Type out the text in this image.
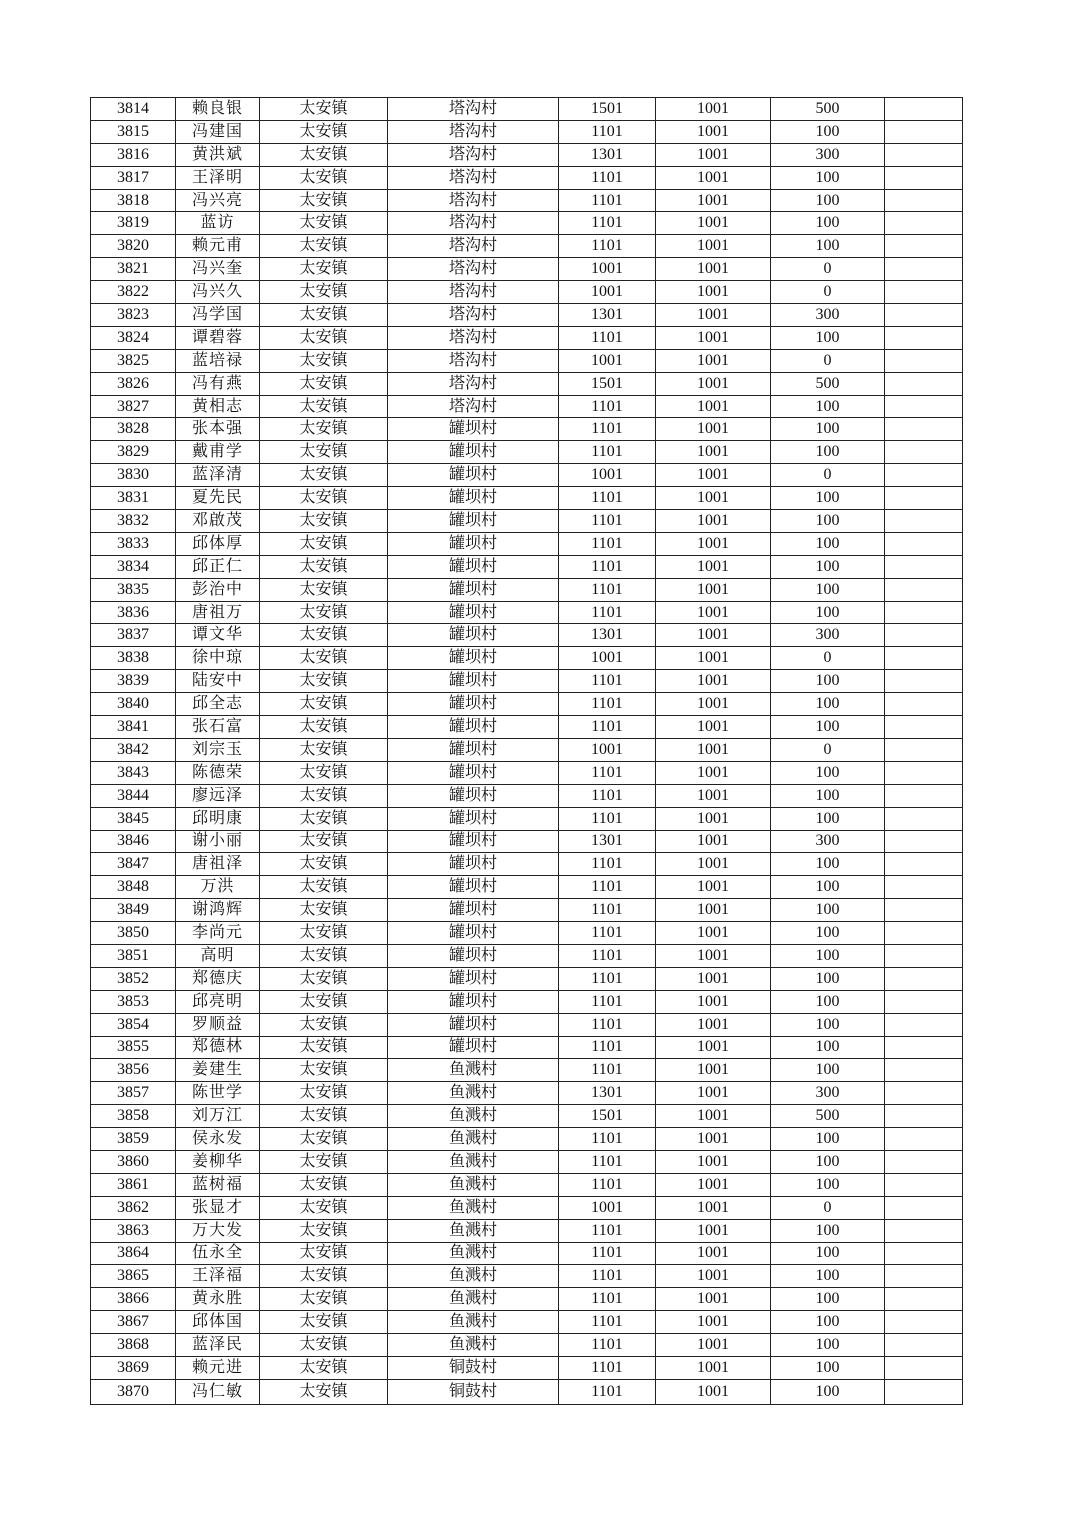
3814	赖良银	太安镇	塔沟村	1501	1001	500	
3815	冯建国	太安镇	塔沟村	1101	1001	100	
3816	黄洪斌	太安镇	塔沟村	1301	1001	300	
3817	王泽明	太安镇	塔沟村	1101	1001	100	
3818	冯兴亮	太安镇	塔沟村	1101	1001	100	
3819	蓝访	太安镇	塔沟村	1101	1001	100	
3820	赖元甫	太安镇	塔沟村	1101	1001	100	
3821	冯兴奎	太安镇	塔沟村	1001	1001	0	
3822	冯兴久	太安镇	塔沟村	1001	1001	0	
3823	冯学国	太安镇	塔沟村	1301	1001	300	
3824	谭碧蓉	太安镇	塔沟村	1101	1001	100	
3825	蓝培禄	太安镇	塔沟村	1001	1001	0	
3826	冯有燕	太安镇	塔沟村	1501	1001	500	
3827	黄相志	太安镇	塔沟村	1101	1001	100	
3828	张本强	太安镇	罐坝村	1101	1001	100	
3829	戴甫学	太安镇	罐坝村	1101	1001	100	
3830	蓝泽清	太安镇	罐坝村	1001	1001	0	
3831	夏先民	太安镇	罐坝村	1101	1001	100	
3832	邓啟茂	太安镇	罐坝村	1101	1001	100	
3833	邱体厚	太安镇	罐坝村	1101	1001	100	
3834	邱正仁	太安镇	罐坝村	1101	1001	100	
3835	彭治中	太安镇	罐坝村	1101	1001	100	
3836	唐祖万	太安镇	罐坝村	1101	1001	100	
3837	谭文华	太安镇	罐坝村	1301	1001	300	
3838	徐中琼	太安镇	罐坝村	1001	1001	0	
3839	陆安中	太安镇	罐坝村	1101	1001	100	
3840	邱全志	太安镇	罐坝村	1101	1001	100	
3841	张石富	太安镇	罐坝村	1101	1001	100	
3842	刘宗玉	太安镇	罐坝村	1001	1001	0	
3843	陈德荣	太安镇	罐坝村	1101	1001	100	
3844	廖远泽	太安镇	罐坝村	1101	1001	100	
3845	邱明康	太安镇	罐坝村	1101	1001	100	
3846	谢小丽	太安镇	罐坝村	1301	1001	300	
3847	唐祖泽	太安镇	罐坝村	1101	1001	100	
3848	万洪	太安镇	罐坝村	1101	1001	100	
3849	谢鸿辉	太安镇	罐坝村	1101	1001	100	
3850	李尚元	太安镇	罐坝村	1101	1001	100	
3851	高明	太安镇	罐坝村	1101	1001	100	
3852	郑德庆	太安镇	罐坝村	1101	1001	100	
3853	邱亮明	太安镇	罐坝村	1101	1001	100	
3854	罗顺益	太安镇	罐坝村	1101	1001	100	
3855	郑德林	太安镇	罐坝村	1101	1001	100	
3856	姜建生	太安镇	鱼溅村	1101	1001	100	
3857	陈世学	太安镇	鱼溅村	1301	1001	300	
3858	刘万江	太安镇	鱼溅村	1501	1001	500	
3859	侯永发	太安镇	鱼溅村	1101	1001	100	
3860	姜柳华	太安镇	鱼溅村	1101	1001	100	
3861	蓝树福	太安镇	鱼溅村	1101	1001	100	
3862	张显才	太安镇	鱼溅村	1001	1001	0	
3863	万大发	太安镇	鱼溅村	1101	1001	100	
3864	伍永全	太安镇	鱼溅村	1101	1001	100	
3865	王泽福	太安镇	鱼溅村	1101	1001	100	
3866	黄永胜	太安镇	鱼溅村	1101	1001	100	
3867	邱体国	太安镇	鱼溅村	1101	1001	100	
3868	蓝泽民	太安镇	鱼溅村	1101	1001	100	
3869	赖元进	太安镇	铜鼓村	1101	1001	100	
3870	冯仁敏	太安镇	铜鼓村	1101	1001	100	
